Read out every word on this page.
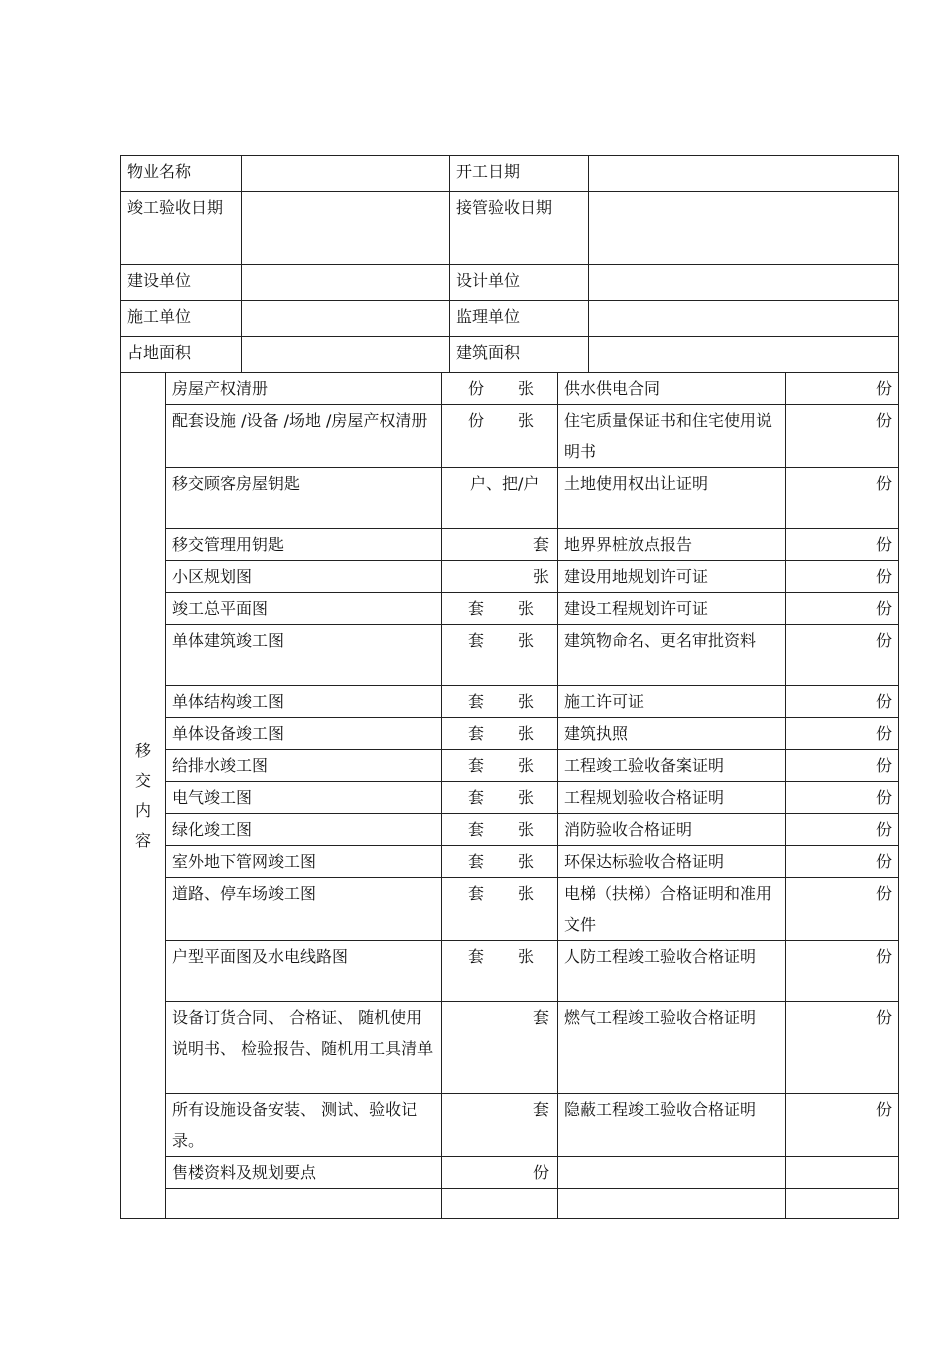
物业名称		开工日期	
竣工验收日期		接管验收日期	
建设单位		设计单位	
施工单位		监理单位	
占地面积		建筑面积	
移
交
内
容	房屋产权清册	份 张	供水供电合同	份
	配套设施 /设备 /场地 /房屋产权清册	份 张	住宅质量保证书和住宅使用说明书	份
	移交顾客房屋钥匙	户、把/户	土地使用权出让证明	份
	移交管理用钥匙	套	地界界桩放点报告	份
	小区规划图	张	建设用地规划许可证	份
	竣工总平面图	套 张	建设工程规划许可证	份
	单体建筑竣工图	套 张	建筑物命名、更名审批资料	份
	单体结构竣工图	套 张	施工许可证	份
	单体设备竣工图	套 张	建筑执照	份
	给排水竣工图	套 张	工程竣工验收备案证明	份
	电气竣工图	套 张	工程规划验收合格证明	份
	绿化竣工图	套 张	消防验收合格证明	份
	室外地下管网竣工图	套 张	环保达标验收合格证明	份
	道路、停车场竣工图	套 张	电梯（扶梯）合格证明和准用文件	份
	户型平面图及水电线路图	套 张	人防工程竣工验收合格证明	份
	设备订货合同、 合格证、 随机使用说明书、 检验报告、随机用工具清单	套	燃气工程竣工验收合格证明	份
	所有设施设备安装、 测试、验收记录。	套	隐蔽工程竣工验收合格证明	份
	售楼资料及规划要点	份		
